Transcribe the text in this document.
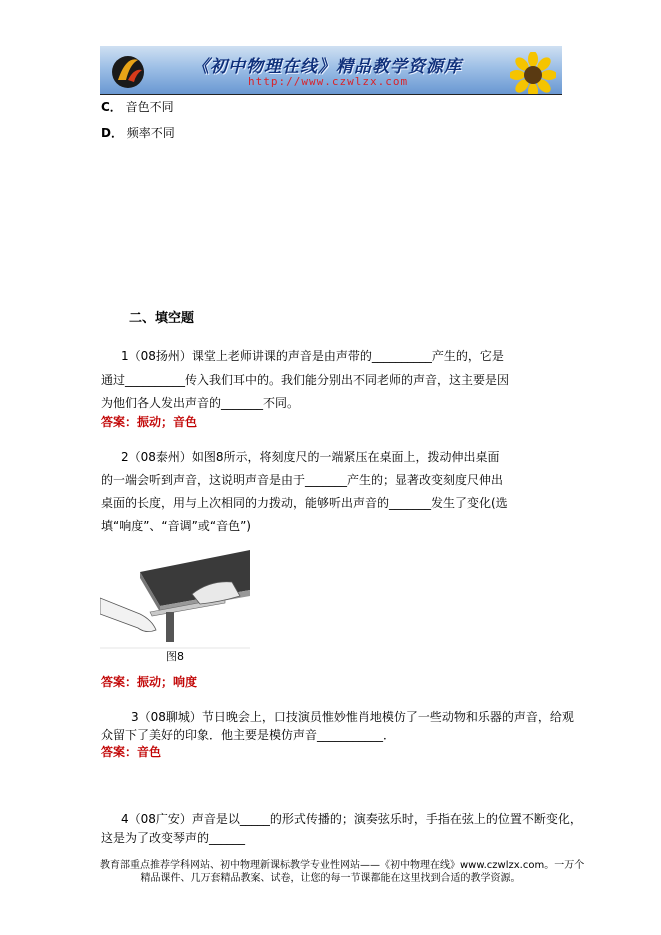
《初中物理在线》精品教学资源库
http://www.czwlzx.com
C． 音色不同
D． 频率不同
二、填空题
1（08扬州）课堂上老师讲课的声音是由声带的__________产生的，它是
通过__________传入我们耳中的。我们能分别出不同老师的声音，这主要是因
为他们各人发出声音的_______不同。
答案：振动；音色
2（08泰州）如图8所示，将刻度尺的一端紧压在桌面上，拨动伸出桌面
的一端会听到声音，这说明声音是由于_______产生的；显著改变刻度尺伸出
桌面的长度，用与上次相同的力拨动，能够听出声音的_______发生了变化(选
填“响度”、“音调”或“音色”)
图8
答案：振动；响度
3（08聊城）节日晚会上，口技演员惟妙惟肖地模仿了一些动物和乐器的声音，给观
众留下了美好的印象．他主要是模仿声音___________．
答案：音色
4（08广安）声音是以_____的形式传播的；演奏弦乐时，手指在弦上的位置不断变化，
这是为了改变琴声的______
教育部重点推荐学科网站、初中物理新课标教学专业性网站——《初中物理在线》www.czwlzx.com。一万个
精品课件、几万套精品教案、试卷，让您的每一节课都能在这里找到合适的教学资源。
